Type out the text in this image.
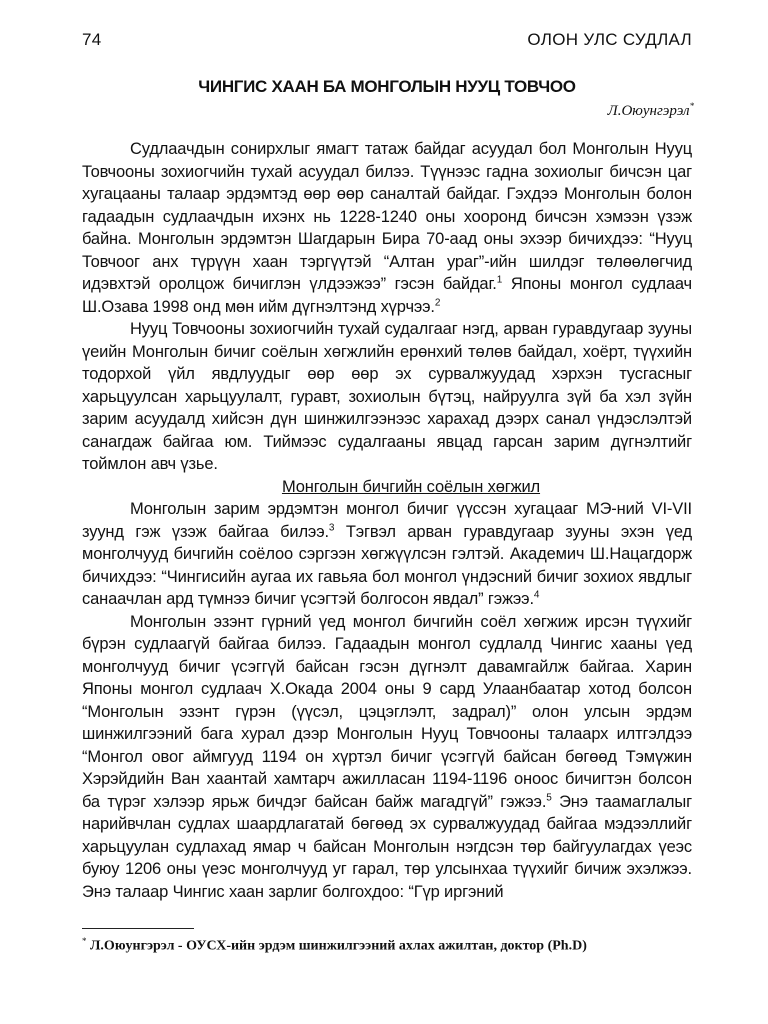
74	ОЛОН УЛС СУДЛАЛ
ЧИНГИС ХААН БА МОНГОЛЫН НУУЦ ТОВЧОО
Л.Оюунгэрэл*

Судлаачдын сонирхлыг ямагт татаж байдаг асуудал бол Монголын Нууц Товчооны зохиогчийн тухай асуудал билээ. Түүнээс гадна зохиолыг бичсэн цаг хугацааны талаар эрдэмтэд өөр өөр саналтай байдаг. Гэхдээ Монголын болон гадаадын судлаачдын ихэнх нь 1228-1240 оны хооронд бичсэн хэмээн үзэж байна. Монголын эрдэмтэн Шагдарын Бира 70-аад оны эхээр бичихдээ: “Нууц Товчоог анх түрүүн хаан тэргүүтэй “Алтан ураг”-ийн шилдэг төлөөлөгчид идэвхтэй оролцож бичиглэн үлдээжээ” гэсэн байдаг.$^1$ Японы монгол судлаач Ш.Озава 1998 онд мөн ийм дүгнэлтэнд хүрчээ.$^2$

Нууц Товчооны зохиогчийн тухай судалгааг нэгд, арван гуравдугаар зууны үеийн Монголын бичиг соёлын хөгжлийн ерөнхий төлөв байдал, хоёрт, түүхийн тодорхой үйл явдлуудыг өөр өөр эх сурвалжуудад хэрхэн тусгасныг харьцуулсан харьцуулалт, гуравт, зохиолын бүтэц, найруулга зүй ба хэл зүйн зарим асуудалд хийсэн дүн шинжилгээнээс харахад дээрх санал үндэслэлтэй санагдаж байгаа юм. Тиймээс судалгааны явцад гарсан зарим дүгнэлтийг тоймлон авч үзье.

Монголын бичгийн соёлын хөгжил

Монголын зарим эрдэмтэн монгол бичиг үүссэн хугацааг МЭ-ний VI-VII зуунд гэж үзэж байгаа билээ.$^3$ Тэгвэл арван гуравдугаар зууны эхэн үед монголчууд бичгийн соёлоо сэргээн хөгжүүлсэн гэлтэй. Академич Ш.Нацагдорж бичихдээ: “Чингисийн аугаа их гавьяа бол монгол үндэсний бичиг зохиох явдлыг санаачлан ард түмнээ бичиг үсэгтэй болгосон явдал” гэжээ.$^4$

Монголын эзэнт гүрний үед монгол бичгийн соёл хөгжиж ирсэн түүхийг бүрэн судлаагүй байгаа билээ. Гадаадын монгол судлалд Чингис хааны үед монголчууд бичиг үсэггүй байсан гэсэн дүгнэлт давамгайлж байгаа. Харин Японы монгол судлаач Х.Окада 2004 оны 9 сард Улаанбаатар хотод болсон “Монголын эзэнт гүрэн (үүсэл, цэцэглэлт, задрал)” олон улсын эрдэм шинжилгээний бага хурал дээр Монголын Нууц Товчооны талаарх илтгэлдээ “Монгол овог аймгууд 1194 он хүртэл бичиг үсэггүй байсан бөгөөд Тэмүжин Хэрэйдийн Ван хаантай хамтарч ажилласан 1194-1196 оноос бичигтэн болсон ба түрэг хэлээр ярьж бичдэг байсан байж магадгүй” гэжээ.$^5$ Энэ таамаглалыг нарийвчлан судлах шаардлагатай бөгөөд эх сурвалжуудад байгаа мэдээллийг харьцуулан судлахад ямар ч байсан Монголын нэгдсэн төр байгуулагдах үеэс буюу 1206 оны үеэс монголчууд уг гарал, төр улсынхаа түүхийг бичиж эхэлжээ. Энэ талаар Чингис хаан зарлиг болгохдоо: “Гүр иргэний

* Л.Оюунгэрэл - ОУСХ-ийн эрдэм шинжилгээний ахлах ажилтан, доктор (Ph.D)
